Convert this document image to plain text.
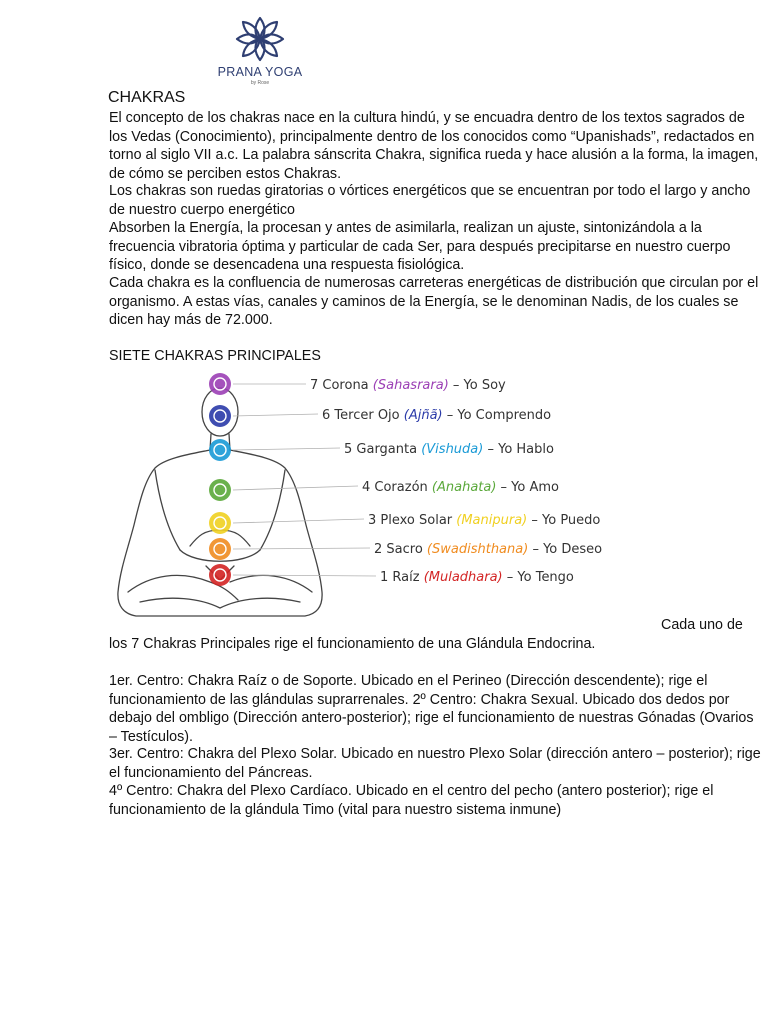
PRANA YOGA
by Rose
CHAKRAS

El concepto de los chakras nace en la cultura hindú, y se encuadra dentro de los textos sagrados de los Vedas (Conocimiento), principalmente dentro de los conocidos como “Upanishads”, redactados en torno al siglo VII a.c. La palabra sánscrita Chakra, significa rueda y hace alusión a la forma, la imagen, de cómo se perciben estos Chakras.

Los chakras son ruedas giratorias o vórtices energéticos que se encuentran por todo el largo y ancho de nuestro cuerpo energético

Absorben la Energía, la procesan y antes de asimilarla, realizan un ajuste, sintonizándola a la frecuencia vibratoria óptima y particular de cada Ser, para después precipitarse en nuestro cuerpo físico, donde se desencadena una respuesta fisiológica.

Cada chakra es la confluencia de numerosas carreteras energéticas de distribución que circulan por el organismo. A estas vías, canales y caminos de la Energía, se le denominan Nadis, de los cuales se dicen hay más de 72.000.

SIETE CHAKRAS PRINCIPALES

7 Corona (Sahasrara) – Yo Soy
6 Tercer Ojo (Ajñã) – Yo Comprendo
5 Garganta (Vishuda) – Yo Hablo
4 Corazón (Anahata) – Yo Amo
3 Plexo Solar (Manipura) – Yo Puedo
2 Sacro (Swadishthana) – Yo Deseo
1 Raíz (Muladhara) – Yo Tengo
Cada uno de
los 7 Chakras Principales rige el funcionamiento de una Glándula Endocrina.

1er. Centro: Chakra Raíz o de Soporte. Ubicado en el Perineo (Dirección descendente); rige el funcionamiento de las glándulas suprarrenales. 2º Centro: Chakra Sexual. Ubicado dos dedos por debajo del ombligo (Dirección antero-posterior); rige el funcionamiento de nuestras Gónadas (Ovarios – Testículos).

3er. Centro: Chakra del Plexo Solar. Ubicado en nuestro Plexo Solar (dirección antero – posterior); rige el funcionamiento del Páncreas.

4º Centro: Chakra del Plexo Cardíaco. Ubicado en el centro del pecho (antero posterior); rige el funcionamiento de la glándula Timo (vital para nuestro sistema inmune)
